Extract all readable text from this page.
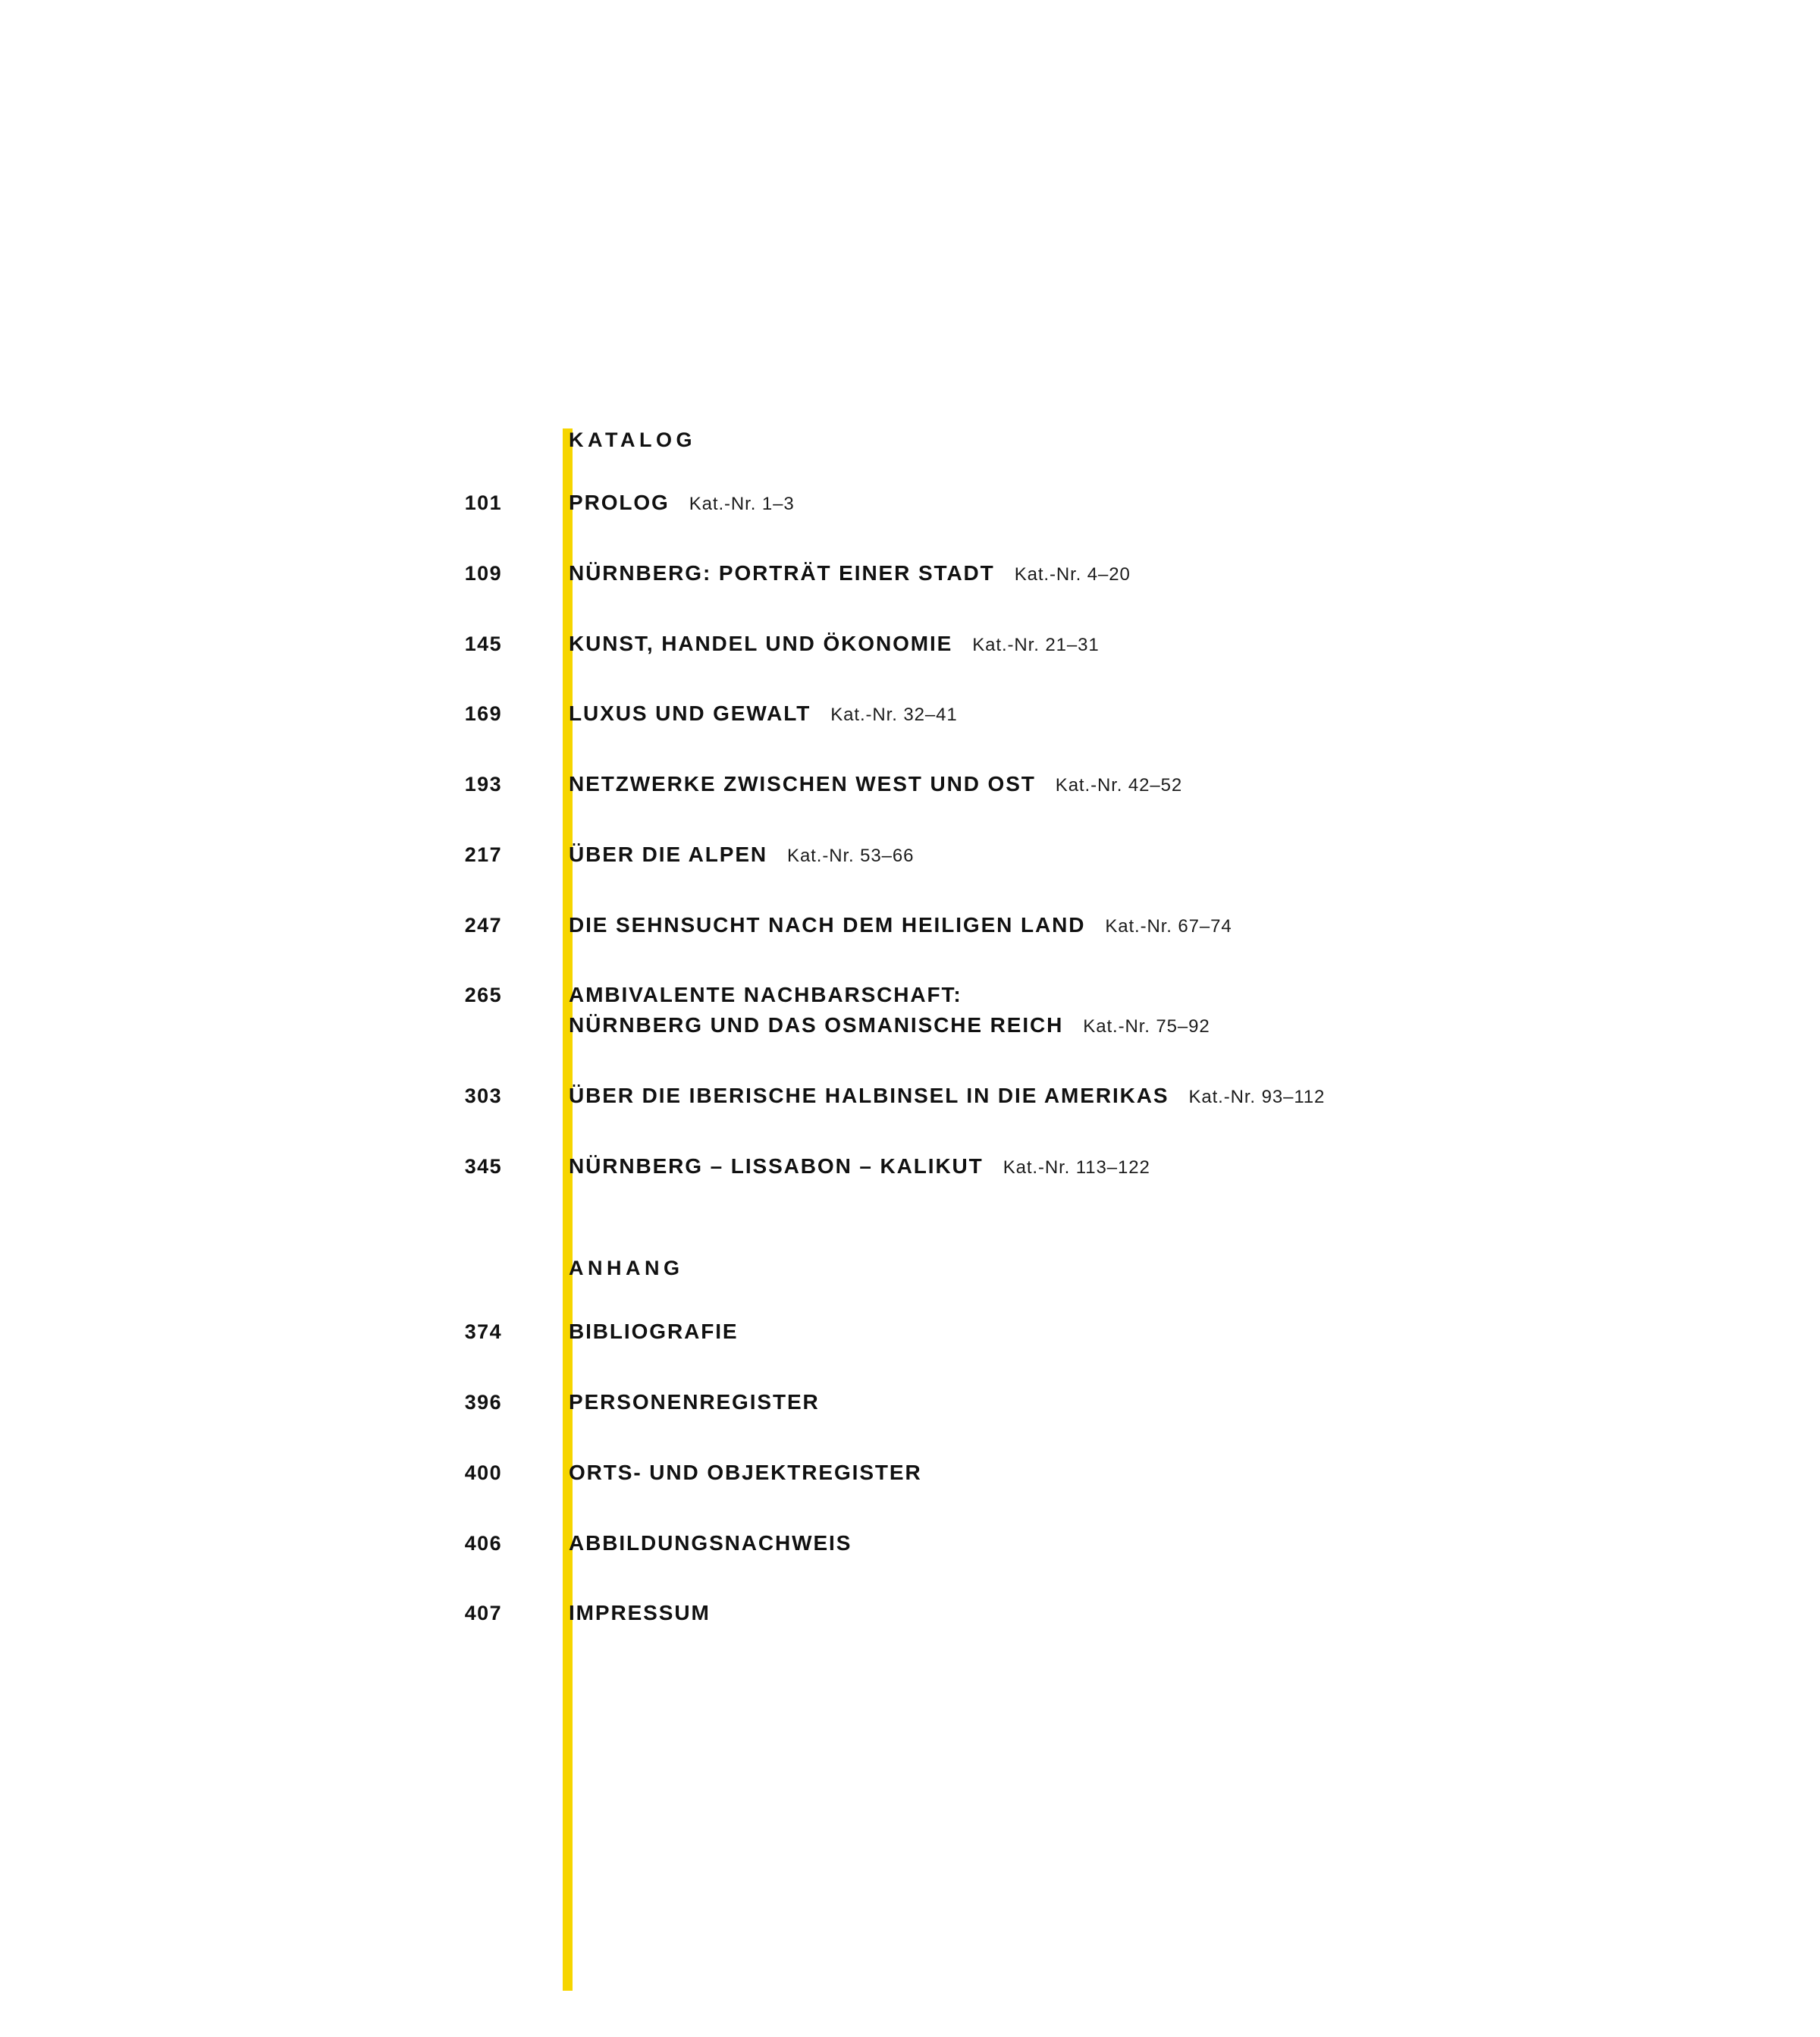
KATALOG
101	PROLOG Kat.-Nr. 1–3
109	NÜRNBERG: PORTRÄT EINER STADT Kat.-Nr. 4–20
145	KUNST, HANDEL UND ÖKONOMIE Kat.-Nr. 21–31
169	LUXUS UND GEWALT Kat.-Nr. 32–41
193	NETZWERKE ZWISCHEN WEST UND OST Kat.-Nr. 42–52
217	ÜBER DIE ALPEN Kat.-Nr. 53–66
247	DIE SEHNSUCHT NACH DEM HEILIGEN LAND Kat.-Nr. 67–74
265	AMBIVALENTE NACHBARSCHAFT:
NÜRNBERG UND DAS OSMANISCHE REICH Kat.-Nr. 75–92
303	ÜBER DIE IBERISCHE HALBINSEL IN DIE AMERIKAS Kat.-Nr. 93–112
345	NÜRNBERG – LISSABON – KALIKUT Kat.-Nr. 113–122
ANHANG
374	BIBLIOGRAFIE
396	PERSONENREGISTER
400	ORTS- UND OBJEKTREGISTER
406	ABBILDUNGSNACHWEIS
407	IMPRESSUM
